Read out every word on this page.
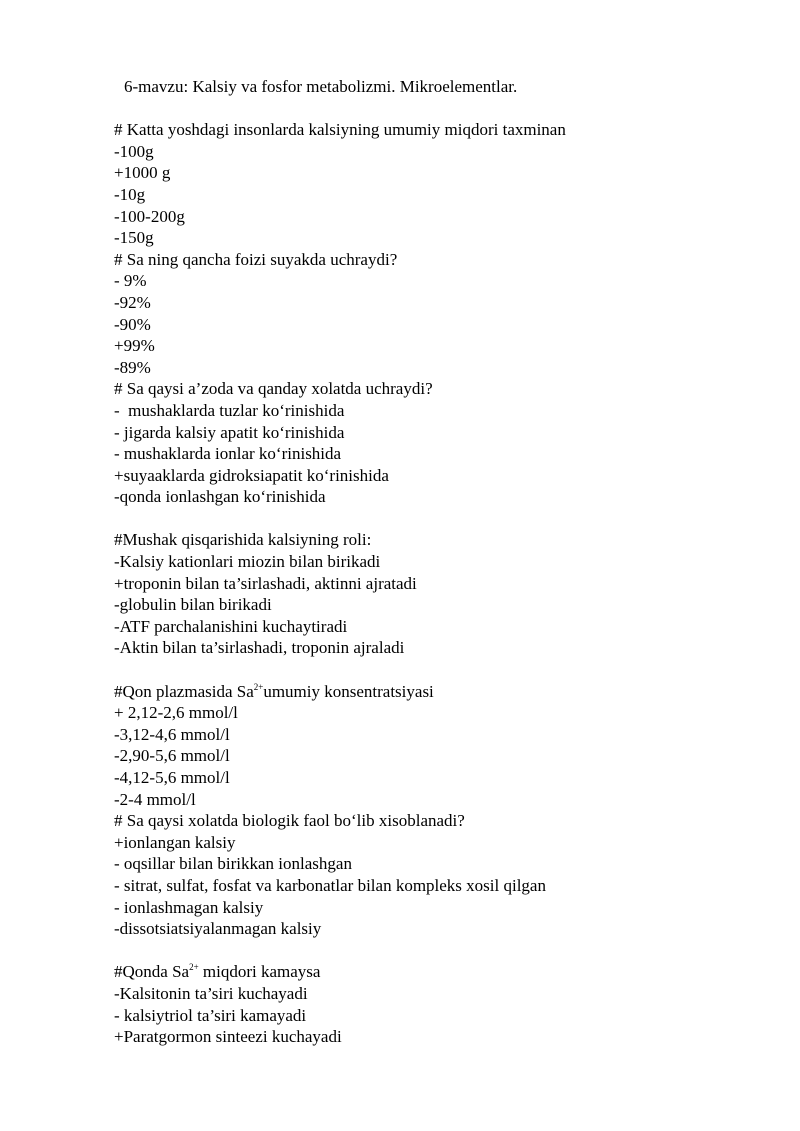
6-mavzu: Kalsiy va fosfor metabolizmi. Mikroelementlar.
# Katta yoshdagi insonlarda kalsiyning umumiy miqdori taxminan
-100g
+1000 g
-10g
-100-200g
-150g
# Sa ning qancha foizi suyakda uchraydi?
- 9%
-92%
-90%
+99%
-89%
# Sa qaysi a’zoda va qanday xolatda uchraydi?
-  mushaklarda tuzlar ko‘rinishida
- jigarda kalsiy apatit ko‘rinishida
- mushaklarda ionlar ko‘rinishida
+suyaaklarda gidroksiapatit ko‘rinishida
-qonda ionlashgan ko‘rinishida
#Mushak qisqarishida kalsiyning roli:
-Kalsiy kationlari miozin bilan birikadi
+troponin bilan ta’sirlashadi, aktinni ajratadi
-globulin bilan birikadi
-ATF parchalanishini kuchaytiradi
-Aktin bilan ta’sirlashadi, troponin ajraladi
#Qon plazmasida $Sa^{2+}umumiy$ konsentratsiyasi
+ 2,12-2,6 mmol/l
-3,12-4,6 mmol/l
-2,90-5,6 mmol/l
-4,12-5,6 mmol/l
-2-4 mmol/l
# Sa qaysi xolatda biologik faol bo‘lib xisoblanadi?
+ionlangan kalsiy
- oqsillar bilan birikkan ionlashgan
- sitrat, sulfat, fosfat va karbonatlar bilan kompleks xosil qilgan
- ionlashmagan kalsiy
-dissotsiatsiyalanmagan kalsiy
#Qonda $Sa^{2+}$ miqdori kamaysa
-Kalsitonin ta’siri kuchayadi
- kalsiytriol ta’siri kamayadi
+Paratgormon sinteezi kuchayadi
